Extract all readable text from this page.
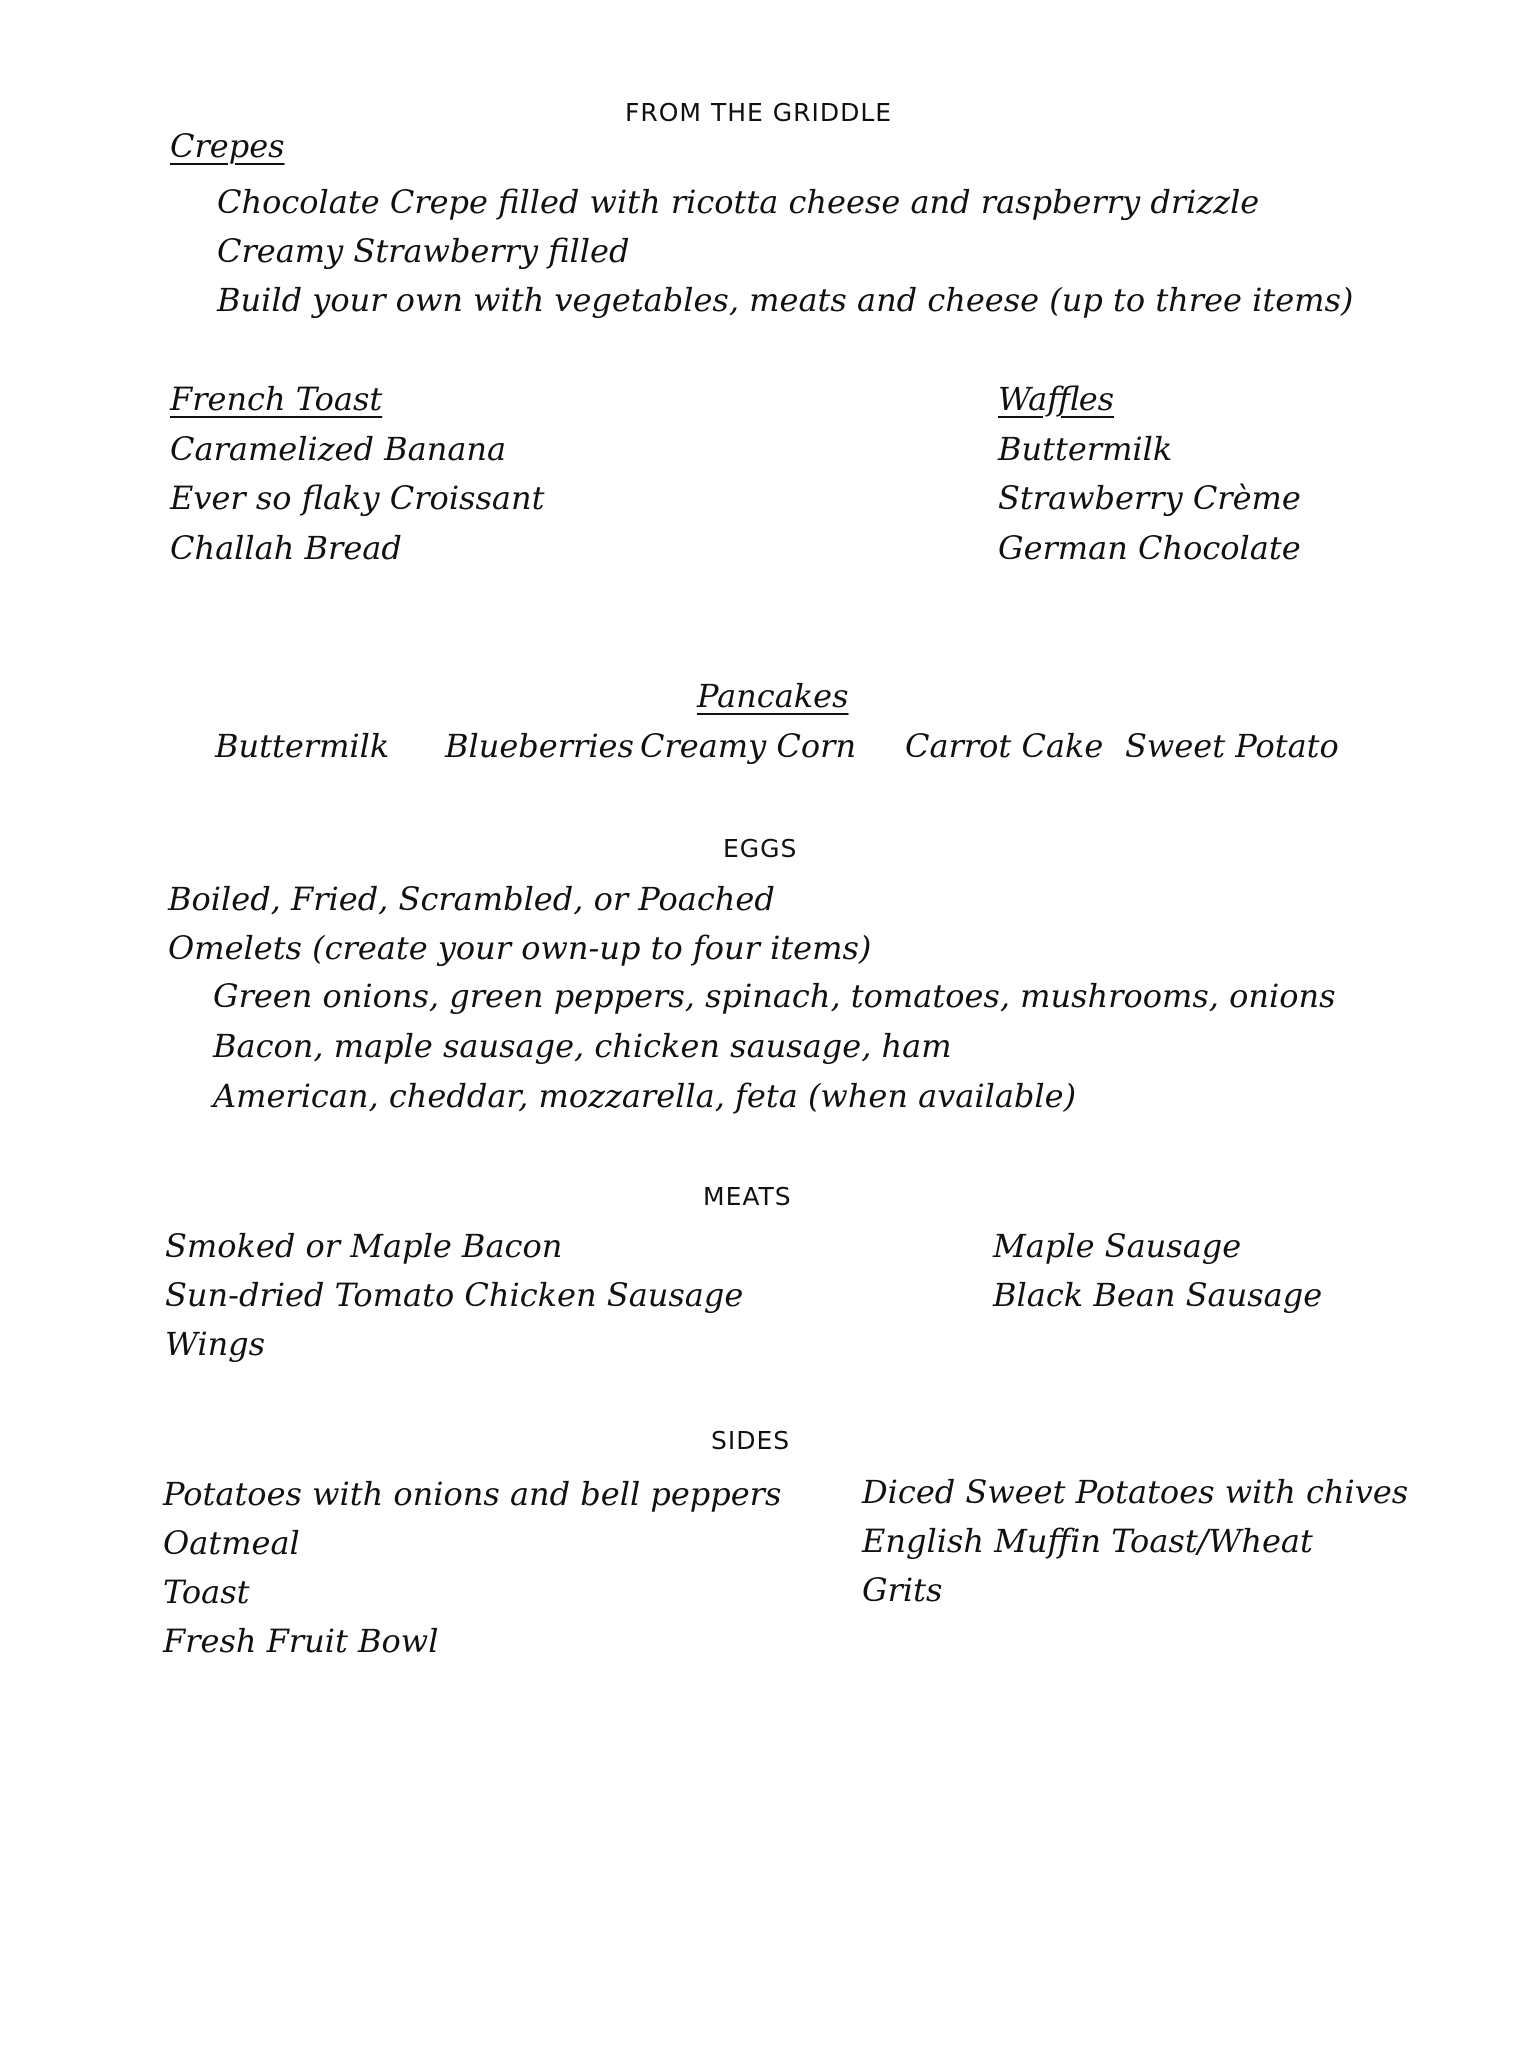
FROM THE GRIDDLE
Crepes
Chocolate Crepe filled with ricotta cheese and raspberry drizzle
Creamy Strawberry filled
Build your own with vegetables, meats and cheese (up to three items)
French Toast
Caramelized Banana
Ever so flaky Croissant
Challah Bread
Waffles
Buttermilk
Strawberry Crème
German Chocolate
Pancakes
Buttermilk Blueberries Creamy Corn Carrot Cake Sweet Potato
EGGS
Boiled, Fried, Scrambled, or Poached
Omelets (create your own-up to four items)
Green onions, green peppers, spinach, tomatoes, mushrooms, onions
Bacon, maple sausage, chicken sausage, ham
American, cheddar, mozzarella, feta (when available)
MEATS
Smoked or Maple Bacon
Sun-dried Tomato Chicken Sausage
Wings
Maple Sausage
Black Bean Sausage
SIDES
Potatoes with onions and bell peppers
Oatmeal
Toast
Fresh Fruit Bowl
Diced Sweet Potatoes with chives
English Muffin Toast/Wheat
Grits
